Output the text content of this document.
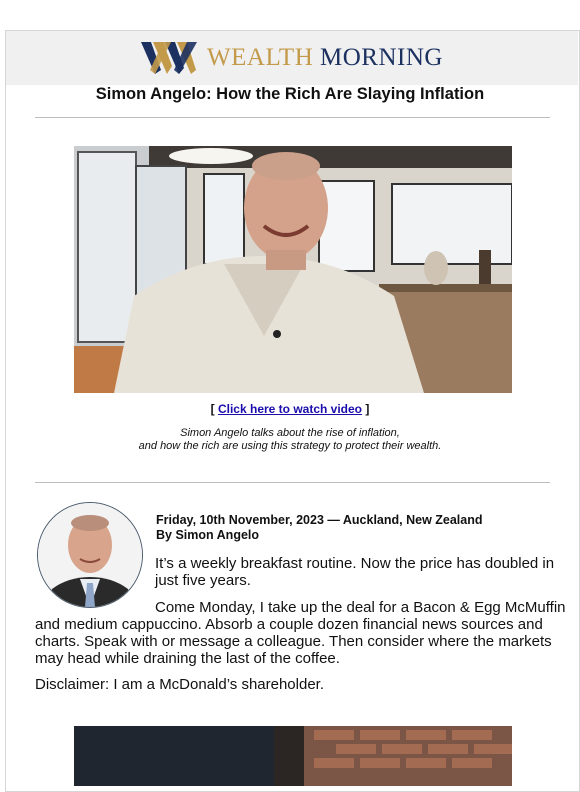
WEALTH MORNING
Simon Angelo: How the Rich Are Slaying Inflation
[ Click here to watch video ]
Simon Angelo talks about the rise of inflation,
and how the rich are using this strategy to protect their wealth.
Friday, 10th November, 2023 — Auckland, New Zealand
By Simon Angelo
It’s a weekly breakfast routine. Now the price has doubled in
just five years.
Come Monday, I take up the deal for a Bacon & Egg McMuffin
and medium cappuccino. Absorb a couple dozen financial news sources and
charts. Speak with or message a colleague. Then consider where the markets
may head while draining the last of the coffee.
Disclaimer: I am a McDonald’s shareholder.
